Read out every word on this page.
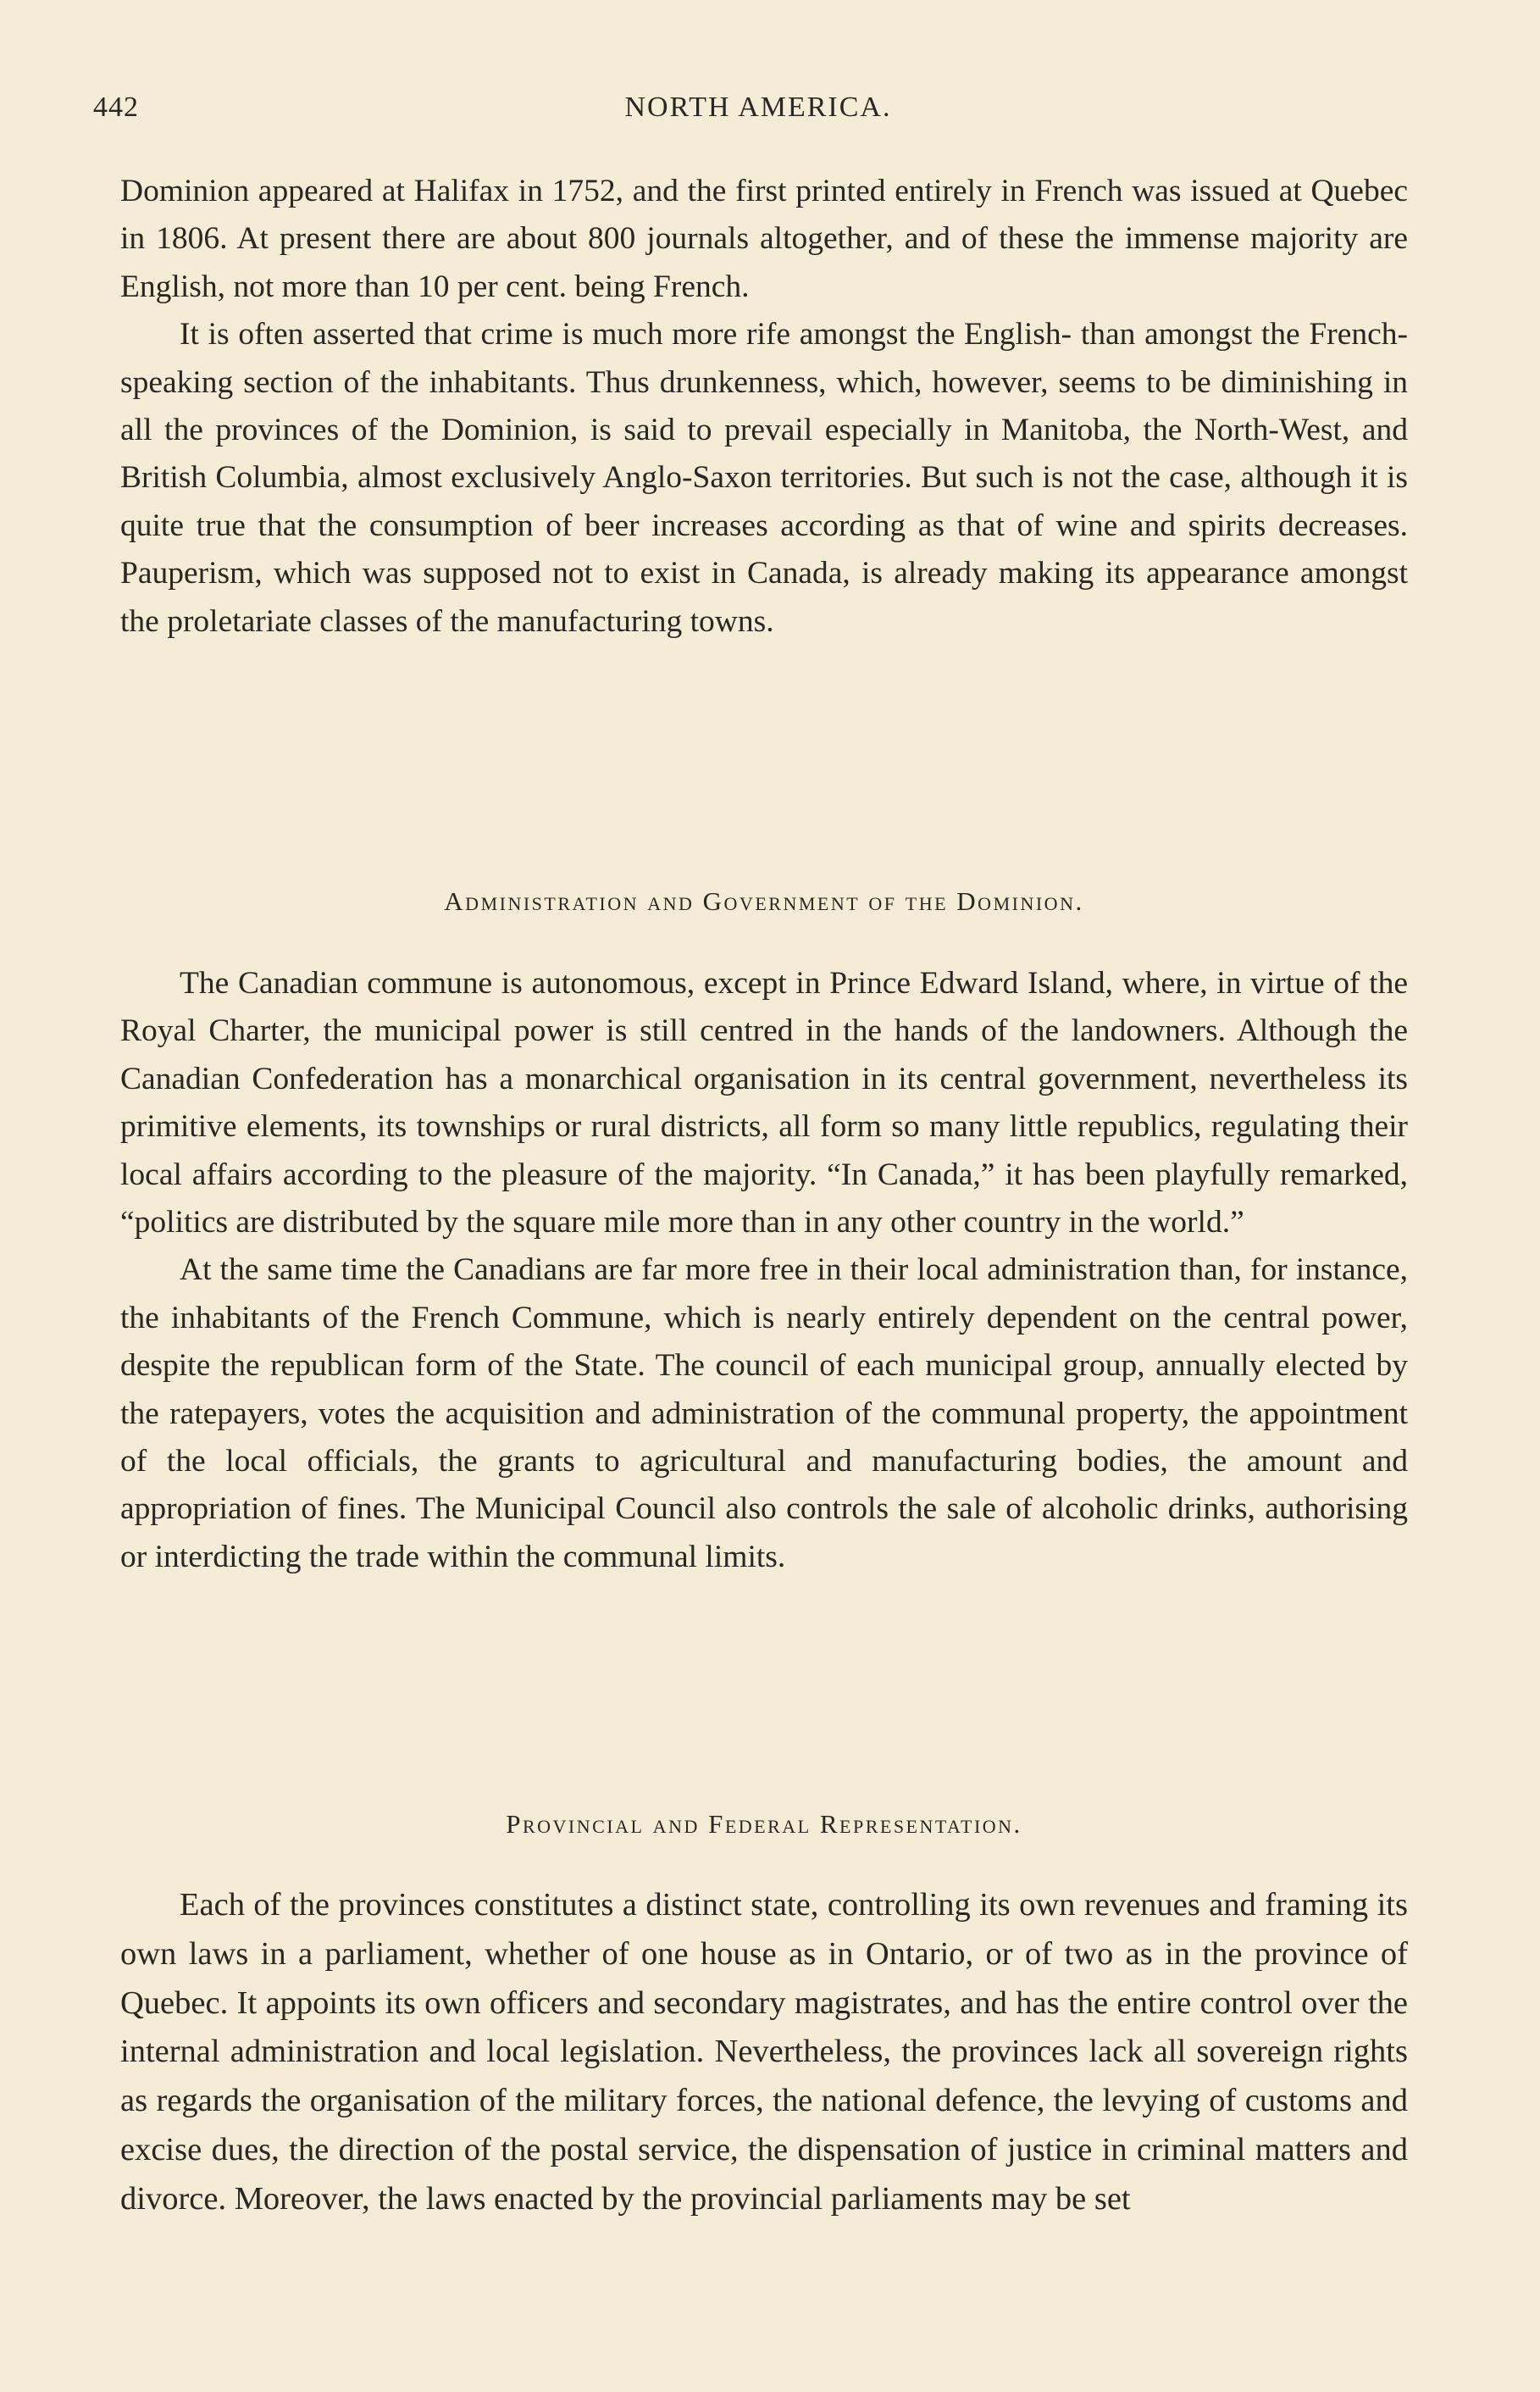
442	NORTH AMERICA.

Dominion appeared at Halifax in 1752, and the first printed entirely in French was issued at Quebec in 1806. At present there are about 800 journals altogether, and of these the immense majority are English, not more than 10 per cent. being French.

It is often asserted that crime is much more rife amongst the English- than amongst the French-speaking section of the inhabitants. Thus drunkenness, which, however, seems to be diminishing in all the provinces of the Dominion, is said to prevail especially in Manitoba, the North-West, and British Columbia, almost exclusively Anglo-Saxon territories. But such is not the case, although it is quite true that the consumption of beer increases according as that of wine and spirits decreases. Pauperism, which was supposed not to exist in Canada, is already making its appearance amongst the proletariate classes of the manufacturing towns.

Administration and Government of the Dominion.

The Canadian commune is autonomous, except in Prince Edward Island, where, in virtue of the Royal Charter, the municipal power is still centred in the hands of the landowners. Although the Canadian Confederation has a monarchical organisation in its central government, nevertheless its primitive elements, its townships or rural districts, all form so many little republics, regulating their local affairs according to the pleasure of the majority. “In Canada,” it has been playfully remarked, “politics are distributed by the square mile more than in any other country in the world.”

At the same time the Canadians are far more free in their local administration than, for instance, the inhabitants of the French Commune, which is nearly entirely dependent on the central power, despite the republican form of the State. The council of each municipal group, annually elected by the ratepayers, votes the acquisition and administration of the communal property, the appointment of the local officials, the grants to agricultural and manufacturing bodies, the amount and appropriation of fines. The Municipal Council also controls the sale of alcoholic drinks, authorising or interdicting the trade within the communal limits.

Provincial and Federal Representation.

Each of the provinces constitutes a distinct state, controlling its own revenues and framing its own laws in a parliament, whether of one house as in Ontario, or of two as in the province of Quebec. It appoints its own officers and secondary magistrates, and has the entire control over the internal administration and local legislation. Nevertheless, the provinces lack all sovereign rights as regards the organisation of the military forces, the national defence, the levying of customs and excise dues, the direction of the postal service, the dispensation of justice in criminal matters and divorce. Moreover, the laws enacted by the provincial parliaments may be set
